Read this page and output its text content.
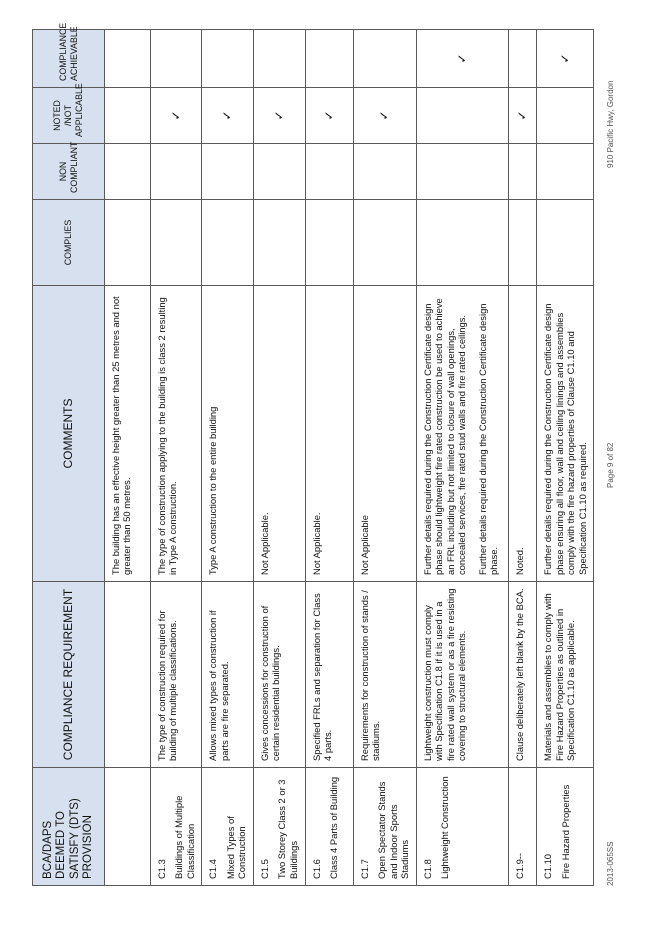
BCA/DAPS DEEMED TO SATISFY (DTS) PROVISION	COMPLIANCE REQUIREMENT	COMMENTS	COMPLIES	NON COMPLIANT	NOTED /NOT APPLICABLE	COMPLIANCE ACHIEVABLE
		The building has an effective height greater than 25 metres and not greater than 50 metres.				

C1.3 Buildings of Multiple Classification	The type of construction required for building of multiple classifications.	The type of construction applying to the building is class 2 resulting in Type A construction.			✓	

C1.4 Mixed Types of Construction	Allows mixed types of construction if parts are fire separated.	Type A construction to the entire building			✓	

C1.5 Two Storey Class 2 or 3 Buildings	Gives concessions for construction of certain residential buildings.	Not Applicable.			✓	

C1.6 Class 4 Parts of Building	Specified FRLs and separation for Class 4 parts.	Not Applicable.			✓	

C1.7 Open Spectator Stands and Indoor Sports Stadiums	Requirements for construction of stands / stadiums.	Not Applicable			✓	

C1.8 Lightweight Construction	Lightweight construction must comply with Specification C1.8 if it is used in a fire rated wall system or as a fire resisting covering to structural elements.	Further details required during the Construction Certificate design phase should lightweight fire rated construction be used to achieve an FRL including but not limited to closure of wall openings, concealed services, fire rated stud walls and fire rated ceilings. Further details required during the Construction Certificate design phase.				✓

C1.9--	Clause deliberately left blank by the BCA.	Noted.			✓	

C1.10 Fire Hazard Properties	Materials and assemblies to comply with Fire Hazard Properties as outlined in Specification C1.10 as applicable.	Further details required during the Construction Certificate design phase ensuring all floor, wall and ceiling linings and assemblies comply with the fire hazard properties of Clause C1.10 and Specification C1.10 as required.				✓
2013-065SS
Page 9 of 82
910 Pacific Hwy, Gordon
